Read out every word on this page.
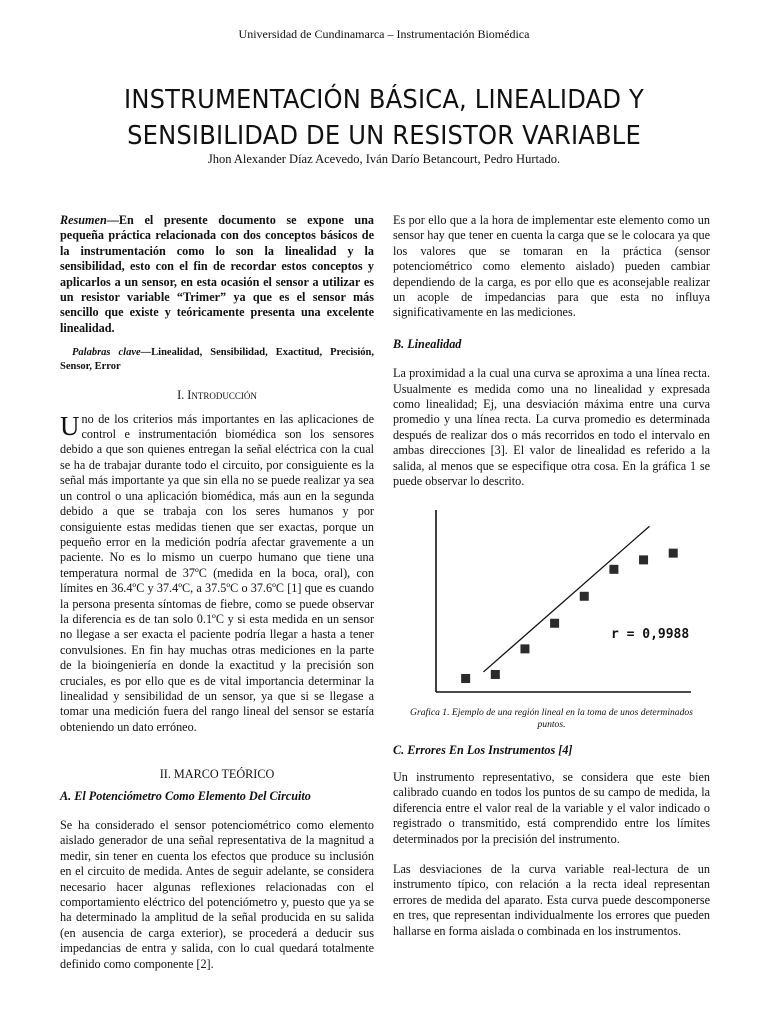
Universidad de Cundinamarca – Instrumentación Biomédica
INSTRUMENTACIÓN BÁSICA, LINEALIDAD Y
SENSIBILIDAD DE UN RESISTOR VARIABLE
Jhon Alexander Díaz Acevedo, Iván Darío Betancourt, Pedro Hurtado.

Resumen—En el presente documento se expone una pequeña práctica relacionada con dos conceptos básicos de la instrumentación como lo son la linealidad y la sensibilidad, esto con el fin de recordar estos conceptos y aplicarlos a un sensor, en esta ocasión el sensor a utilizar es un resistor variable “Trimer” ya que es el sensor más sencillo que existe y teóricamente presenta una excelente linealidad.

Palabras clave—Linealidad, Sensibilidad, Exactitud, Precisión, Sensor, Error

I. Introducción

Uno de los criterios más importantes en las aplicaciones de control e instrumentación biomédica son los sensores debido a que son quienes entregan la señal eléctrica con la cual se ha de trabajar durante todo el circuito, por consiguiente es la señal más importante ya que sin ella no se puede realizar ya sea un control o una aplicación biomédica, más aun en la segunda debido a que se trabaja con los seres humanos y por consiguiente estas medidas tienen que ser exactas, porque un pequeño error en la medición podría afectar gravemente a un paciente. No es lo mismo un cuerpo humano que tiene una temperatura normal de 37ºC (medida en la boca, oral), con límites en 36.4ºC y 37.4ºC, a 37.5ºC o 37.6ºC [1] que es cuando la persona presenta síntomas de fiebre, como se puede observar la diferencia es de tan solo 0.1ºC y si esta medida en un sensor no llegase a ser exacta el paciente podría llegar a hasta a tener convulsiones. En fin hay muchas otras mediciones en la parte de la bioingeniería en donde la exactitud y la precisión son cruciales, es por ello que es de vital importancia determinar la linealidad y sensibilidad de un sensor, ya que si se llegase a tomar una medición fuera del rango lineal del sensor se estaría obteniendo un dato erróneo.

II. MARCO TEÓRICO
A. El Potenciómetro Como Elemento Del Circuito

Se ha considerado el sensor potenciométrico como elemento aislado generador de una señal representativa de la magnitud a medir, sin tener en cuenta los efectos que produce su inclusión en el circuito de medida. Antes de seguir adelante, se considera necesario hacer algunas reflexiones relacionadas con el comportamiento eléctrico del potenciómetro y, puesto que ya se ha determinado la amplitud de la señal producida en su salida (en ausencia de carga exterior), se procederá a deducir sus impedancias de entra y salida, con lo cual quedará totalmente definido como componente [2].

Es por ello que a la hora de implementar este elemento como un sensor hay que tener en cuenta la carga que se le colocara ya que los valores que se tomaran en la práctica (sensor potenciométrico como elemento aislado) pueden cambiar dependiendo de la carga, es por ello que es aconsejable realizar un acople de impedancias para que esta no influya significativamente en las mediciones.

B. Linealidad

La proximidad a la cual una curva se aproxima a una línea recta. Usualmente es medida como una no linealidad y expresada como linealidad; Ej, una desviación máxima entre una curva promedio y una línea recta. La curva promedio es determinada después de realizar dos o más recorridos en todo el intervalo en ambas direcciones [3]. El valor de linealidad es referido a la salida, al menos que se especifique otra cosa. En la gráfica 1 se puede observar lo descrito.

r = 0,9988
Grafica 1. Ejemplo de una región lineal en la toma de unos determinados puntos.
C. Errores En Los Instrumentos [4]

Un instrumento representativo, se considera que este bien calibrado cuando en todos los puntos de su campo de medida, la diferencia entre el valor real de la variable y el valor indicado o registrado o transmitido, está comprendido entre los límites determinados por la precisión del instrumento.

Las desviaciones de la curva variable real-lectura de un instrumento típico, con relación a la recta ideal representan errores de medida del aparato. Esta curva puede descomponerse en tres, que representan individualmente los errores que pueden hallarse en forma aislada o combinada en los instrumentos.
